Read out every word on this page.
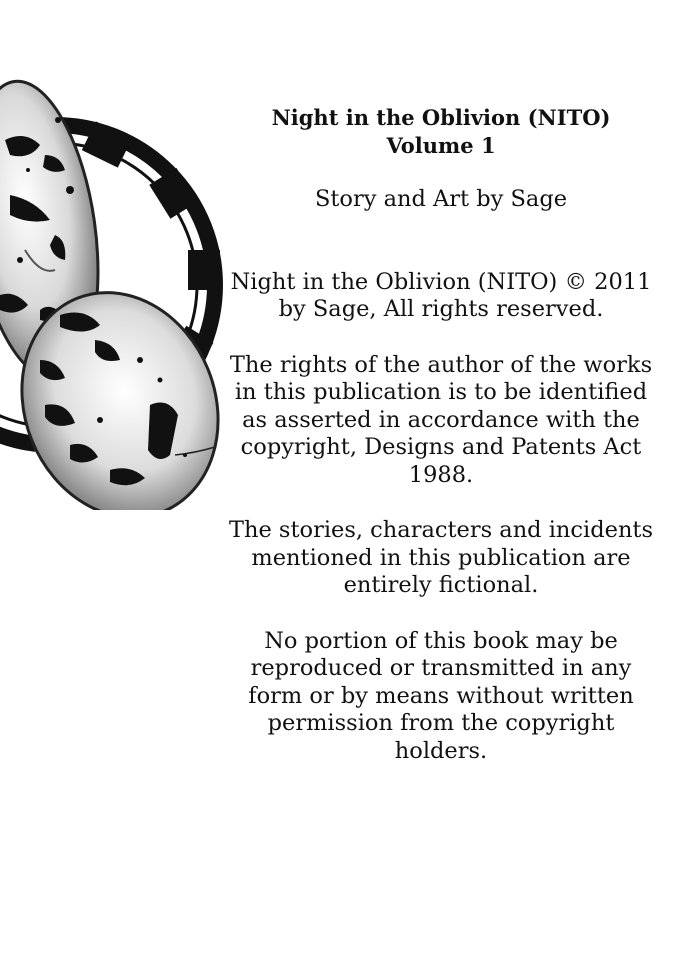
Night in the Oblivion (NITO)
Volume 1
Story and Art by Sage
Night in the Oblivion (NITO) © 2011
by Sage, All rights reserved.
The rights of the author of the works
in this publication is to be identified
as asserted in accordance with the
copyright, Designs and Patents Act
1988.
The stories, characters and incidents
mentioned in this publication are
entirely fictional.
No portion of this book may be
reproduced or transmitted in any
form or by means without written
permission from the copyright
holders.
